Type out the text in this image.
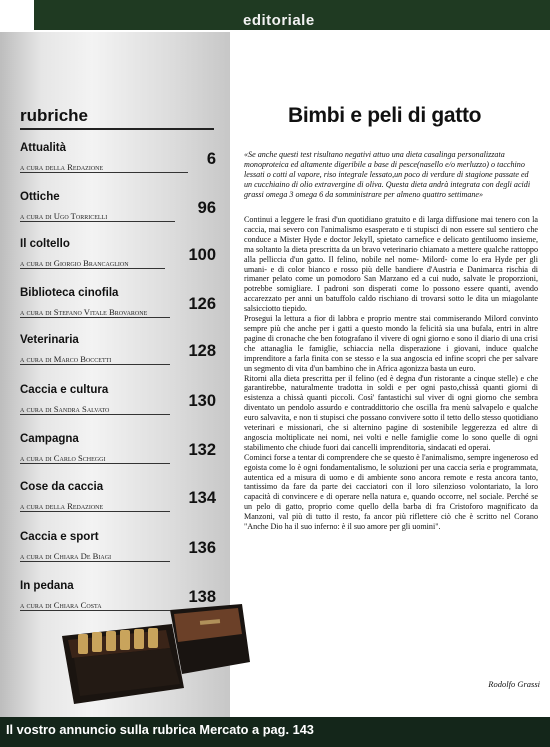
editoriale
rubriche
Attualità
a cura della Redazione	6
Ottiche
a cura di Ugo Torricelli	96
Il coltello
a cura di Giorgio Brancaglion	100
Biblioteca cinofila
a cura di Stefano Vitale Brovarone 126
Veterinaria
a cura di Marco Boccetti	128
Caccia e cultura
a cura di Sandra Salvato	130
Campagna
a cura di Carlo Scheggi	132
Cose da caccia
a cura della Redazione	134
Caccia e sport
a cura di Chiara De Biagi	136
In pedana
a cura di Chiara Costa	138
Bimbi e peli di gatto
«Se anche questi test risultano negativi attuo una dieta casalinga personalizzata monoproteica ed altamente digeribile a base di pesce(nasello e/o merluzzo) o tacchino lessati o cotti al vapore, riso integrale lessato,un poco di verdure di stagione passate ed un cucchiaino di olio extravergine di oliva. Questa dieta andrà integrata con degli acidi grassi omega 3 omega 6 da somministrare per almeno quattro settimane»

Continui a leggere le frasi d'un quotidiano gratuito e di larga diffusione mai tenero con la caccia, mai severo con l'animalismo esasperato e ti stupisci di non essere sul sentiero che conduce a Mister Hyde e doctor Jekyll, spietato carnefice e delicato gentiluomo insieme, ma soltanto la dieta prescritta da un bravo veterinario chiamato a mettere qualche rattoppo alla pelliccia d'un gatto. Il felino, nobile nel nome- Milord- come lo era Hyde per gli umani- e di color bianco e rosso più delle bandiere d'Austria e Danimarca rischia di rimaner pelato come un pomodoro San Marzano ed a cui nudo, salvate le proporzioni, potrebbe somigliare. I padroni son disperati come lo possono essere quanti, avendo accarezzato per anni un batuffolo caldo rischiano di trovarsi sotto le dita un miagolante salsicciotto tiepido.

Prosegui la lettura a fior di labbra e proprio mentre stai commiserando Milord convinto sempre più che anche per i gatti a questo mondo la felicità sia una bufala, entri in altre pagine di cronache che ben fotografano il vivere di ogni giorno e sono il diario di una crisi che attanaglia le famiglie, schiaccia nella disperazione i giovani, induce qualche imprenditore a farla finita con se stesso e la sua angoscia ed infine scopri che per salvare un segmento di vita d'un bambino che in Africa agonizza basta un euro.

Ritorni alla dieta prescritta per il felino (ed è degna d'un ristorante a cinque stelle) e che garantirebbe, naturalmente tradotta in soldi e per ogni pasto,chissà quanti giorni di esistenza a chissà quanti piccoli. Così' fantastichi sul viver di ogni giorno che sembra diventato un pendolo assurdo e contraddittorio che oscilla fra menù salvapelo e qualche euro salvavita, e non ti stupisci che possano convivere sotto il tetto dello stesso quotidiano veterinari e missionari, che si alternino pagine di sostenibile leggerezza ed altre di angoscia moltiplicate nei nomi, nei volti e nelle famiglie come lo sono quelle di ogni stabilimento che chiude fuori dai cancelli imprenditoria, sindacati ed operai.

Cominci forse a tentar di comprendere che se questo è l'animalismo, sempre ingeneroso ed egoista come lo è ogni fondamentalismo, le soluzioni per una caccia seria e programmata, autentica ed a misura di uomo e di ambiente sono ancora remote e resta ancora tanto, tantissimo da fare da parte dei cacciatori con il loro silenzioso volontariato, la loro capacità di convincere e di operare nella natura e, quando occorre, nel sociale. Perché se un pelo di gatto, proprio come quello della barba di fra Cristoforo magnificato da Manzoni, val più di tutto il resto, fa ancor più riflettere ciò che è scritto nel Corano "Anche Dio ha il suo inferno: è il suo amore per gli uomini".

Rodolfo Grassi
Il vostro annuncio sulla rubrica Mercato a pag. 143
